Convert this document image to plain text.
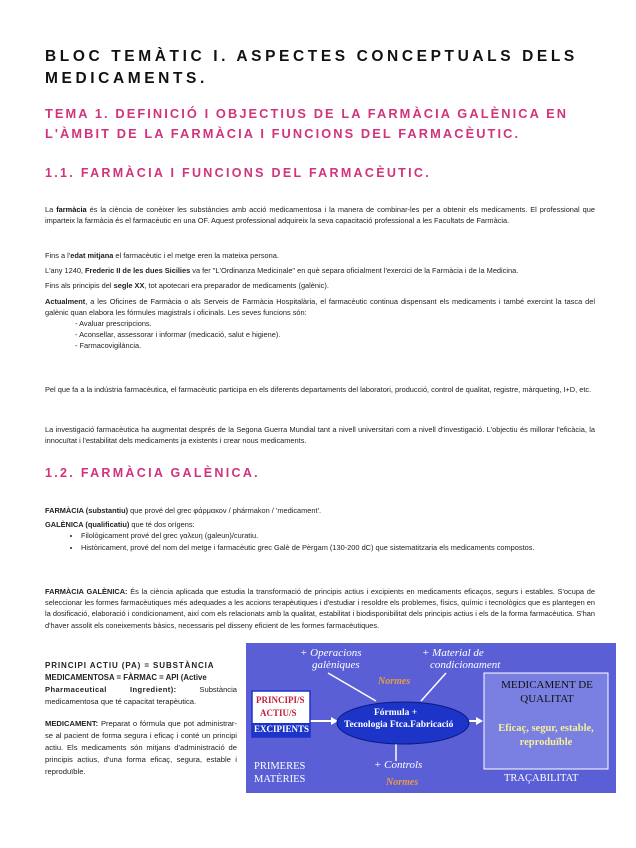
BLOC TEMÀTIC I. ASPECTES CONCEPTUALS DELS MEDICAMENTS.
TEMA 1. DEFINICIÓ I OBJECTIUS DE LA FARMÀCIA GALÈNICA EN L'ÀMBIT DE LA FARMÀCIA I FUNCIONS DEL FARMACÈUTIC.
1.1. FARMÀCIA I FUNCIONS DEL FARMACÈUTIC.

La farmàcia és la ciència de conèixer les substàncies amb acció medicamentosa i la manera de combinar-les per a obtenir els medicaments. El professional que imparteix la farmàcia és el farmacèutic en una OF. Aquest professional adquireix la seva capacitació professional a les Facultats de Farmàcia.

Fins a l'edat mitjana el farmacèutic i el metge eren la mateixa persona.

L'any 1240, Frederic II de les dues Sicilies va fer "L'Ordinanza Medicinale" en què separa oficialment l'exercici de la Farmàcia i de la Medicina.

Fins als principis del segle XX, tot apotecari era preparador de medicaments (galènic).

Actualment, a les Oficines de Farmàcia o als Serveis de Farmàcia Hospitalària, el farmacèutic continua dispensant els medicaments i també exercint la tasca del galènic quan elabora les fórmules magistrals i oficinals. Les seves funcions són:

- Avaluar prescripcions.

- Aconsellar, assessorar i informar (medicació, salut e higiene).

- Farmacovigilància.

Pel que fa a la indústria farmacèutica, el farmacèutic participa en els diferents departaments del laboratori, producció, control de qualitat, registre, màrqueting, I+D, etc.
La investigació farmacèutica ha augmentat després de la Segona Guerra Mundial tant a nivell universitari com a nivell d'investigació. L'objectiu és millorar l'eficàcia, la innocuïtat i l'estabilitat dels medicaments ja existents i crear nous medicaments.
1.2. FARMÀCIA GALÈNICA.

FARMÀCIA (substantiu) que prové del grec φάρμακον / phármakon / 'medicament'.

GALÈNICA (qualificatiu) que té dos orígens:

• Filològicament prové del grec γαλευη (galeun)/curatiu.
• Històricament, prové del nom del metge i farmacèutic grec Galè de Pèrgam (130-200 dC) que sistematitzaria els medicaments compostos.

FARMÀCIA GALÈNICA: És la ciència aplicada que estudia la transformació de principis actius i excipients en medicaments eficaços, segurs i estables. S'ocupa de seleccionar les formes farmacèutiques més adequades a les accions terapèutiques i d'estudiar i resoldre els problemes, físics, químic i tecnològics que es plantegen en la dosificació, elaboració i condicionament, així com els relacionats amb la qualitat, estabilitat i biodisponibilitat dels principis actius i els de la forma farmacèutica. S'han d'haver assolit els coneixements bàsics, necessaris pel disseny eficient de les formes farmacèutiques.

PRINCIPI ACTIU (PA) = SUBSTÀNCIA
MEDICAMENTOSA = FÀRMAC = API (Active
Pharmaceutical Ingredient): Substància medicamentosa que té capacitat terapèutica.
MEDICAMENT: Preparat o fórmula que pot administrar-se al pacient de forma segura i eficaç i conté un principi actiu. Els medicaments són mitjans d'administració de principis actius, d'una forma eficaç, segura, estable i reproduïble.
+ Operacions
galèniques
+ Material de
condicionament
Normes
PRINCIPI/S
ACTIU/S
EXCIPIENTS
Fórmula +
Tecnologia Ftca.Fabricació
MEDICAMENT DE
QUALITAT
Eficaç, segur, estable,
reproduïble
PRIMERES
MATÈRIES
+ Controls
Normes	TRAÇABILITAT
